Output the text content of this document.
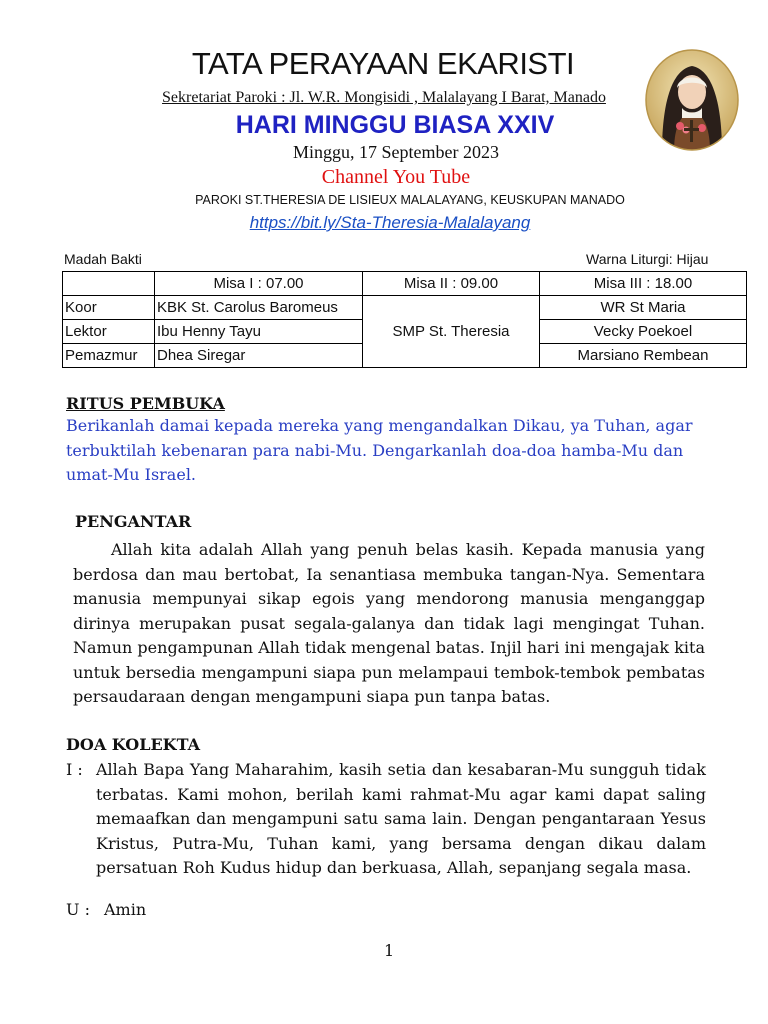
TATA PERAYAAN EKARISTI
Sekretariat Paroki : Jl. W.R. Mongisidi , Malalayang I Barat, Manado
HARI MINGGU BIASA XXIV
Minggu, 17 September 2023
Channel You Tube
PAROKI ST.THERESIA DE LISIEUX MALALAYANG, KEUSKUPAN MANADO
https://bit.ly/Sta-Theresia-Malalayang
Madah Bakti	Warna Liturgi: Hijau
	Misa I : 07.00	Misa II : 09.00	Misa III : 18.00
Koor	KBK St. Carolus Baromeus	SMP St. Theresia	WR St Maria
Lektor	Ibu Henny Tayu		Vecky Poekoel
Pemazmur	Dhea Siregar		Marsiano Rembean
RITUS PEMBUKA
Berikanlah damai kepada mereka yang mengandalkan Dikau, ya Tuhan, agar terbuktilah kebenaran para nabi-Mu. Dengarkanlah doa-doa hamba-Mu dan umat-Mu Israel.
PENGANTAR
Allah kita adalah Allah yang penuh belas kasih. Kepada manusia yang berdosa dan mau bertobat, Ia senantiasa membuka tangan-Nya. Sementara manusia mempunyai sikap egois yang mendorong manusia menganggap dirinya merupakan pusat segala-galanya dan tidak lagi mengingat Tuhan. Namun pengampunan Allah tidak mengenal batas. Injil hari ini mengajak kita untuk bersedia mengampuni siapa pun melampaui tembok-tembok pembatas persaudaraan dengan mengampuni siapa pun tanpa batas.
DOA KOLEKTA
I : Allah Bapa Yang Maharahim, kasih setia dan kesabaran-Mu sungguh tidak terbatas. Kami mohon, berilah kami rahmat-Mu agar kami dapat saling memaafkan dan mengampuni satu sama lain. Dengan pengantaraan Yesus Kristus, Putra-Mu, Tuhan kami, yang bersama dengan dikau dalam persatuan Roh Kudus hidup dan berkuasa, Allah, sepanjang segala masa.
U : Amin
1
